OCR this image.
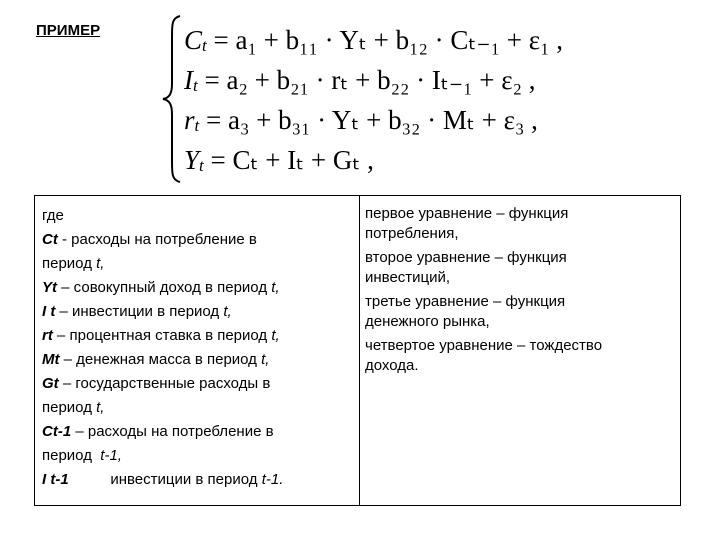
ПРИМЕР	$C_t = a_1 + b_{11} \cdot Y_t + b_{12} \cdot C_{t-1} + \varepsilon_1$ ,
$I_t = a_2 + b_{21} \cdot r_t + b_{22} \cdot I_{t-1} + \varepsilon_2$ ,
$r_t = a_3 + b_{31} \cdot Y_t + b_{32} \cdot M_t + \varepsilon_3$ ,
$Y_t = C_t + I_t + G_t$ ,
где
Ct - расходы на потребление в
период t,
Yt – совокупный доход в период t,
I t – инвестиции в период t,
rt – процентная ставка в период t,
Mt – денежная масса в период t,
Gt – государственные расходы в
период t,
Ct-1 – расходы на потребление в
период  t-1,
I t-1          инвестиции в период t-1.
первое уравнение – функция
потребления,
второе уравнение – функция
инвестиций,
третье уравнение – функция
денежного рынка,
четвертое уравнение – тождество
дохода.
